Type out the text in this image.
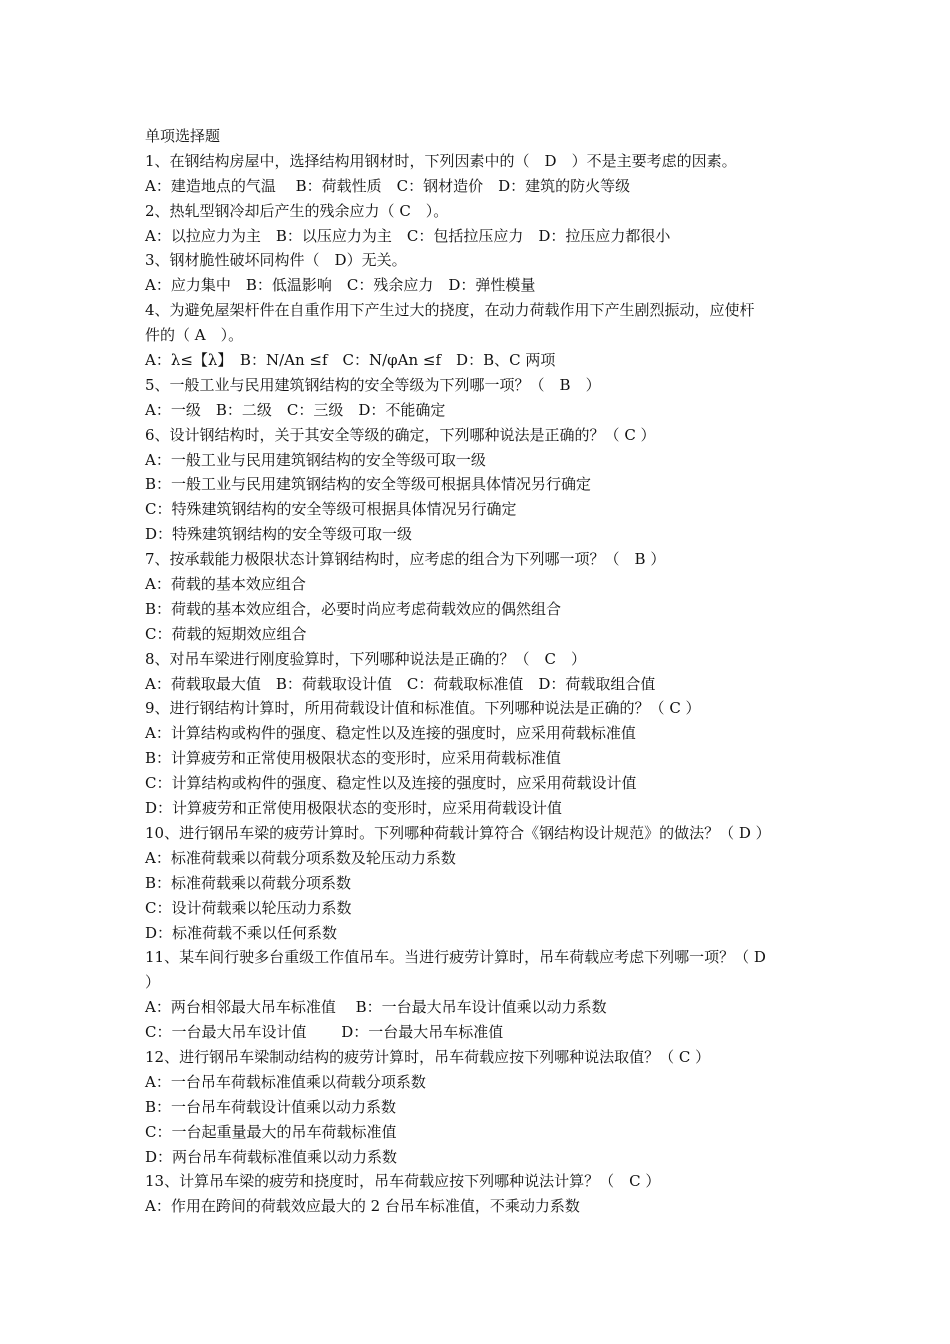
单项选择题
1、在钢结构房屋中，选择结构用钢材时，下列因素中的（　D　）不是主要考虑的因素。
A：建造地点的气温　 B：荷载性质　C：钢材造价　D：建筑的防火等级
2、热轧型钢冷却后产生的残余应力（ C　）。
A：以拉应力为主　B：以压应力为主　C：包括拉压应力　D：拉压应力都很小
3、钢材脆性破坏同构件（　D）无关。
A：应力集中　B：低温影响　C：残余应力　D：弹性模量
4、为避免屋架杆件在自重作用下产生过大的挠度，在动力荷载作用下产生剧烈振动，应使杆
件的（ A　）。
A：λ≤【λ】　B：N/An ≤f　C：N/φAn ≤f　D：B、C 两项
5、一般工业与民用建筑钢结构的安全等级为下列哪一项？（　B　）
A：一级　B：二级　C：三级　D：不能确定
6、设计钢结构时，关于其安全等级的确定，下列哪种说法是正确的？（ C ）
A：一般工业与民用建筑钢结构的安全等级可取一级
B：一般工业与民用建筑钢结构的安全等级可根据具体情况另行确定
C：特殊建筑钢结构的安全等级可根据具体情况另行确定
D：特殊建筑钢结构的安全等级可取一级
7、按承载能力极限状态计算钢结构时，应考虑的组合为下列哪一项？（　B ）
A：荷载的基本效应组合
B：荷载的基本效应组合，必要时尚应考虑荷载效应的偶然组合
C：荷载的短期效应组合
8、对吊车梁进行刚度验算时，下列哪种说法是正确的？（　C　）
A：荷载取最大值　B：荷载取设计值　C：荷载取标准值　D：荷载取组合值
9、进行钢结构计算时，所用荷载设计值和标准值。下列哪种说法是正确的？（ C ）
A：计算结构或构件的强度、稳定性以及连接的强度时，应采用荷载标准值
B：计算疲劳和正常使用极限状态的变形时，应采用荷载标准值
C：计算结构或构件的强度、稳定性以及连接的强度时，应采用荷载设计值
D：计算疲劳和正常使用极限状态的变形时，应采用荷载设计值
10、进行钢吊车梁的疲劳计算时。下列哪种荷载计算符合《钢结构设计规范》的做法？（ D ）
A：标准荷载乘以荷载分项系数及轮压动力系数
B：标准荷载乘以荷载分项系数
C：设计荷载乘以轮压动力系数
D：标准荷载不乘以任何系数
11、某车间行驶多台重级工作值吊车。当进行疲劳计算时，吊车荷载应考虑下列哪一项？（ D
）
A：两台相邻最大吊车标准值　 B：一台最大吊车设计值乘以动力系数
C：一台最大吊车设计值　　 D：一台最大吊车标准值
12、进行钢吊车梁制动结构的疲劳计算时，吊车荷载应按下列哪种说法取值？（ C ）
A：一台吊车荷载标准值乘以荷载分项系数
B：一台吊车荷载设计值乘以动力系数
C：一台起重量最大的吊车荷载标准值
D：两台吊车荷载标准值乘以动力系数
13、计算吊车梁的疲劳和挠度时，吊车荷载应按下列哪种说法计算？（　C ）
A：作用在跨间的荷载效应最大的 2 台吊车标准值，不乘动力系数
